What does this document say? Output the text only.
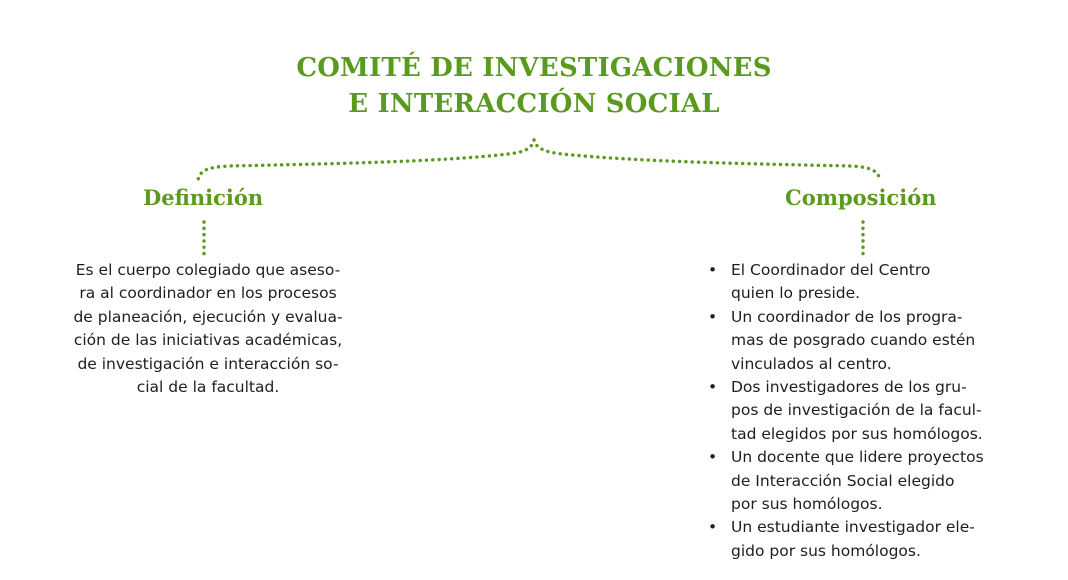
COMITÉ DE INVESTIGACIONES
E INTERACCIÓN SOCIAL
Definición	Composición
Es el cuerpo colegiado que aseso-
ra al coordinador en los procesos
de planeación, ejecución y evalua-
ción de las iniciativas académicas,
de investigación e interacción so-
cial de la facultad.
• El Coordinador del Centro
quien lo preside.
• Un coordinador de los progra-
mas de posgrado cuando estén
vinculados al centro.
• Dos investigadores de los gru-
pos de investigación de la facul-
tad elegidos por sus homólogos.
• Un docente que lidere proyectos
de Interacción Social elegido
por sus homólogos.
• Un estudiante investigador ele-
gido por sus homólogos.
